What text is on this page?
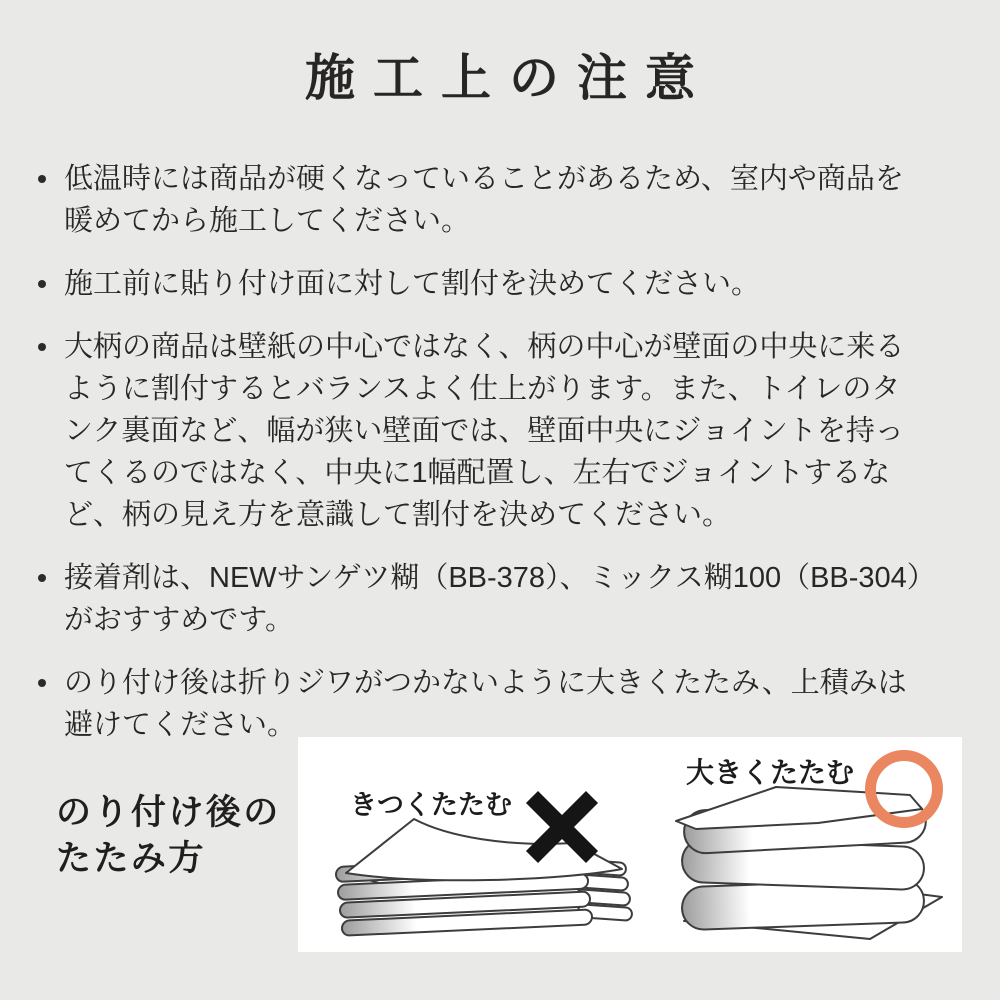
施工上の注意

低温時には商品が硬くなっていることがあるため、室内や商品を暖めてから施工してください。

施工前に貼り付け面に対して割付を決めてください。

大柄の商品は壁紙の中心ではなく、柄の中心が壁面の中央に来るように割付するとバランスよく仕上がります。また、トイレのタンク裏面など、幅が狭い壁面では、壁面中央にジョイントを持ってくるのではなく、中央に1幅配置し、左右でジョイントするなど、柄の見え方を意識して割付を決めてください。

接着剤は、NEWサンゲツ糊（BB-378）、ミックス糊100（BB-304）がおすすめです。

のり付け後は折りジワがつかないように大きくたたみ、上積みは避けてください。

のり付け後の
たたみ方
きつくたたむ
大きくたたむ
